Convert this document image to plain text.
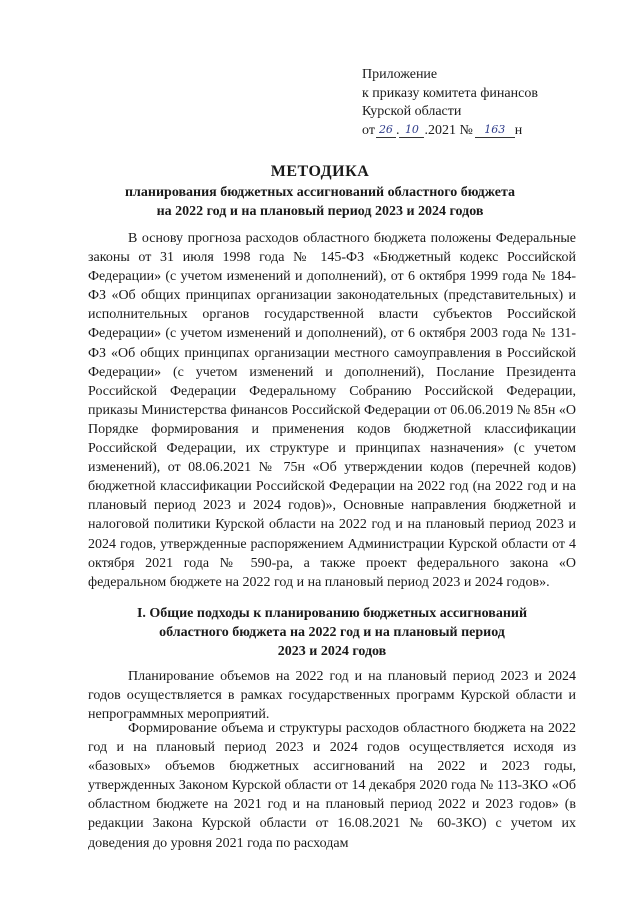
Приложение
к приказу комитета финансов
Курской области
от 26 . 10 .2021 № 163 н
МЕТОДИКА
планирования бюджетных ассигнований областного бюджета
на 2022 год и на плановый период 2023 и 2024 годов
В основу прогноза расходов областного бюджета положены Федеральные законы от 31 июля 1998 года № 145-ФЗ «Бюджетный кодекс Российской Федерации» (с учетом изменений и дополнений), от 6 октября 1999 года № 184-ФЗ «Об общих принципах организации законодательных (представительных) и исполнительных органов государственной власти субъектов Российской Федерации» (с учетом изменений и дополнений), от 6 октября 2003 года № 131-ФЗ «Об общих принципах организации местного самоуправления в Российской Федерации» (с учетом изменений и дополнений), Послание Президента Российской Федерации Федеральному Собранию Российской Федерации, приказы Министерства финансов Российской Федерации от 06.06.2019 № 85н «О Порядке формирования и применения кодов бюджетной классификации Российской Федерации, их структуре и принципах назначения» (с учетом изменений), от 08.06.2021 № 75н «Об утверждении кодов (перечней кодов) бюджетной классификации Российской Федерации на 2022 год (на 2022 год и на плановый период 2023 и 2024 годов)», Основные направления бюджетной и налоговой политики Курской области на 2022 год и на плановый период 2023 и 2024 годов, утвержденные распоряжением Администрации Курской области от 4 октября 2021 года № 590-ра, а также проект федерального закона «О федеральном бюджете на 2022 год и на плановый период 2023 и 2024 годов».
I. Общие подходы к планированию бюджетных ассигнований
областного бюджета на 2022 год и на плановый период
2023 и 2024 годов
Планирование объемов на 2022 год и на плановый период 2023 и 2024 годов осуществляется в рамках государственных программ Курской области и непрограммных мероприятий.
Формирование объема и структуры расходов областного бюджета на 2022 год и на плановый период 2023 и 2024 годов осуществляется исходя из «базовых» объемов бюджетных ассигнований на 2022 и 2023 годы, утвержденных Законом Курской области от 14 декабря 2020 года № 113-ЗКО «Об областном бюджете на 2021 год и на плановый период 2022 и 2023 годов» (в редакции Закона Курской области от 16.08.2021 № 60-ЗКО) с учетом их доведения до уровня 2021 года по расходам
